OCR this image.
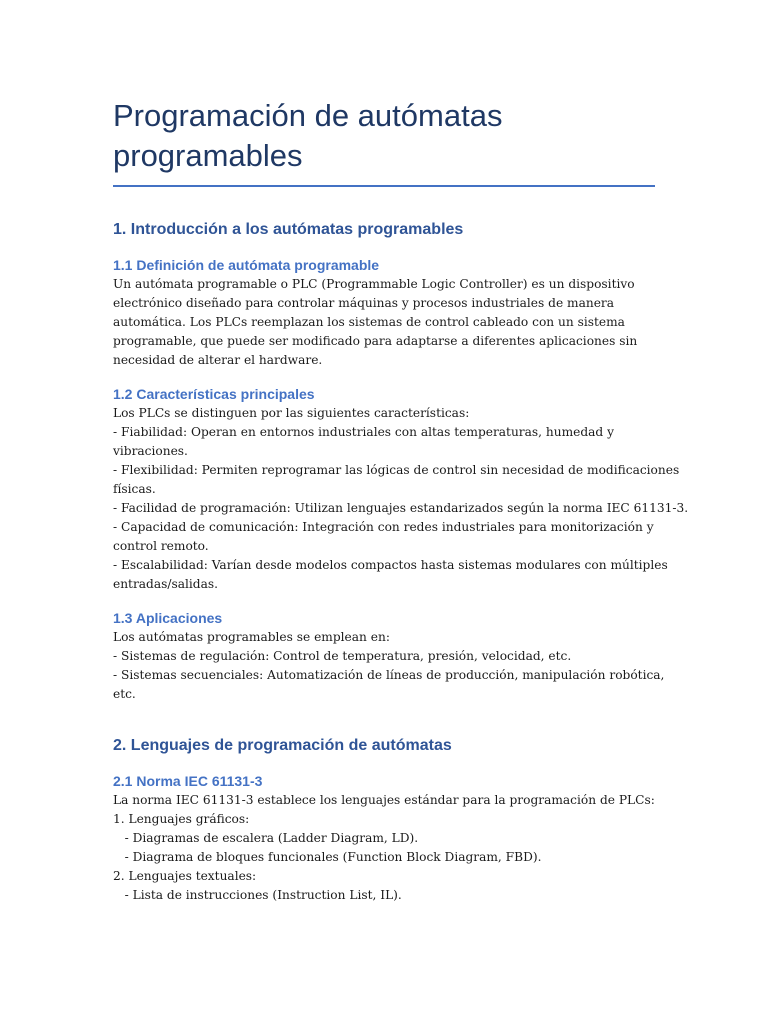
Programación de autómatas
programables
1. Introducción a los autómatas programables
1.1 Definición de autómata programable

Un autómata programable o PLC (Programmable Logic Controller) es un dispositivo
electrónico diseñado para controlar máquinas y procesos industriales de manera
automática. Los PLCs reemplazan los sistemas de control cableado con un sistema
programable, que puede ser modificado para adaptarse a diferentes aplicaciones sin
necesidad de alterar el hardware.

1.2 Características principales

Los PLCs se distinguen por las siguientes características:
- Fiabilidad: Operan en entornos industriales con altas temperaturas, humedad y
vibraciones.
- Flexibilidad: Permiten reprogramar las lógicas de control sin necesidad de modificaciones
físicas.
- Facilidad de programación: Utilizan lenguajes estandarizados según la norma IEC 61131-3.
- Capacidad de comunicación: Integración con redes industriales para monitorización y
control remoto.
- Escalabilidad: Varían desde modelos compactos hasta sistemas modulares con múltiples
entradas/salidas.

1.3 Aplicaciones

Los autómatas programables se emplean en:
- Sistemas de regulación: Control de temperatura, presión, velocidad, etc.
- Sistemas secuenciales: Automatización de líneas de producción, manipulación robótica,
etc.

2. Lenguajes de programación de autómatas
2.1 Norma IEC 61131-3

La norma IEC 61131-3 establece los lenguajes estándar para la programación de PLCs:
1. Lenguajes gráficos:
- Diagramas de escalera (Ladder Diagram, LD).
- Diagrama de bloques funcionales (Function Block Diagram, FBD).
2. Lenguajes textuales:
- Lista de instrucciones (Instruction List, IL).
